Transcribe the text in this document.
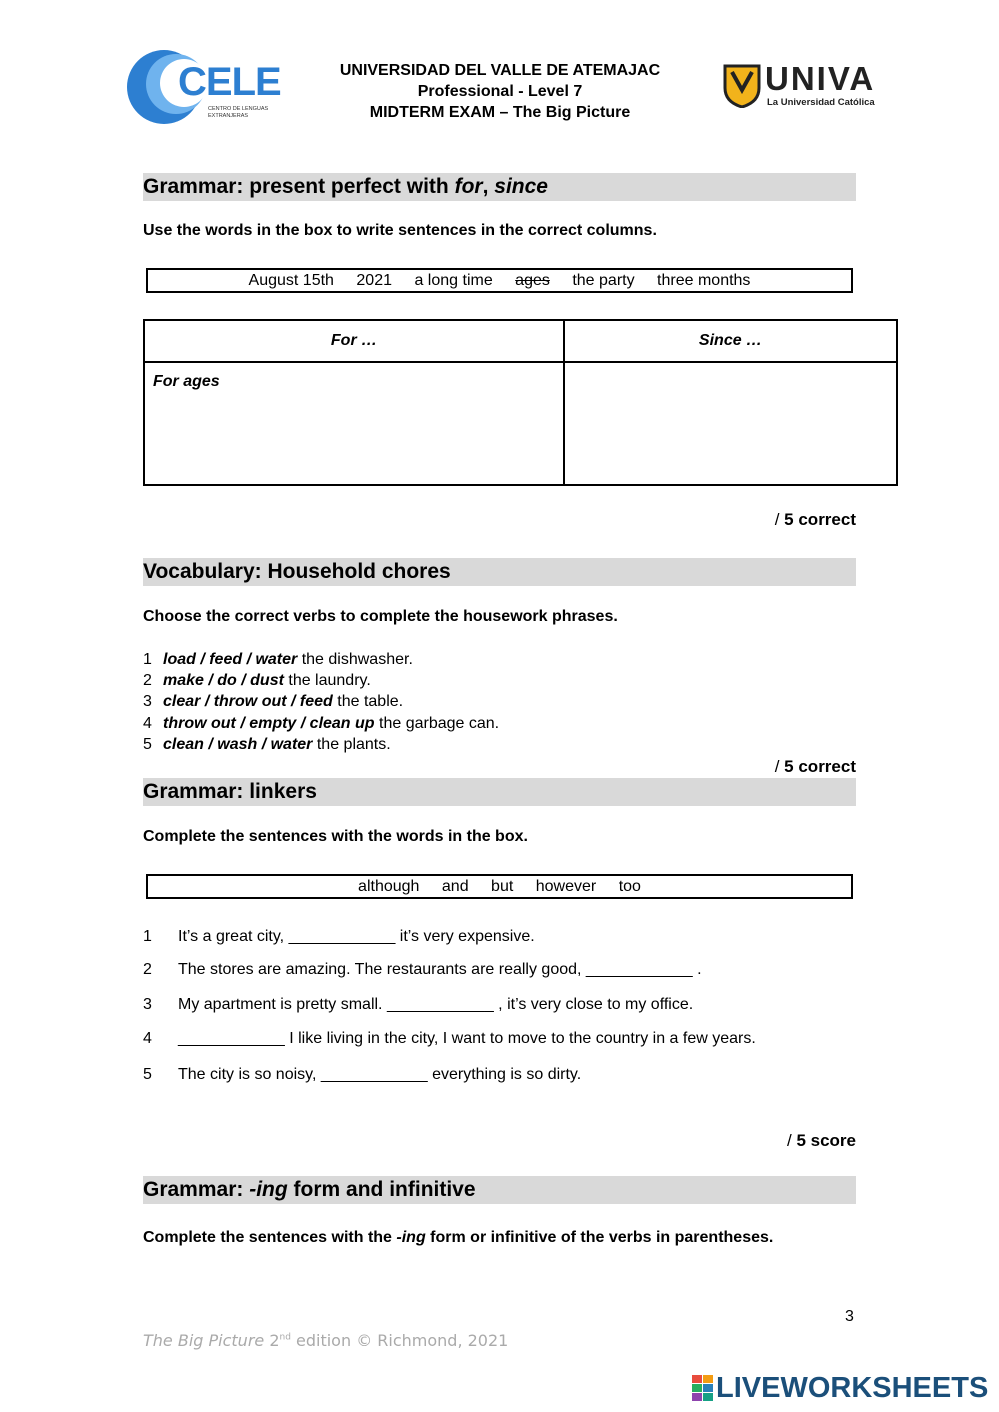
CELE
CENTRO DE LENGUAS
EXTRANJERAS
UNIVERSIDAD DEL VALLE DE ATEMAJAC
Professional - Level 7
MIDTERM EXAM – The Big Picture
UNIVA
La Universidad Católica
Grammar: present perfect with for, since
Use the words in the box to write sentences in the correct columns.
August 15th 2021 a long time ages the party three months
For …	Since …
For ages	
/ 5 correct
Vocabulary: Household chores
Choose the correct verbs to complete the housework phrases.
1 load / feed / water the dishwasher.
2 make / do / dust the laundry.
3 clear / throw out / feed the table.
4 throw out / empty / clean up the garbage can.
5 clean / wash / water the plants.
/ 5 correct
Grammar: linkers
Complete the sentences with the words in the box.
although and but however too
1 It’s a great city, ____________ it’s very expensive.
2 The stores are amazing. The restaurants are really good, ____________ .
3 My apartment is pretty small. ____________ , it’s very close to my office.
4 ____________ I like living in the city, I want to move to the country in a few years.
5 The city is so noisy, ____________ everything is so dirty.
/ 5 score
Grammar: -ing form and infinitive
Complete the sentences with the -ing form or infinitive of the verbs in parentheses.
3
The Big Picture 2nd edition © Richmond, 2021
LIVEWORKSHEETS
